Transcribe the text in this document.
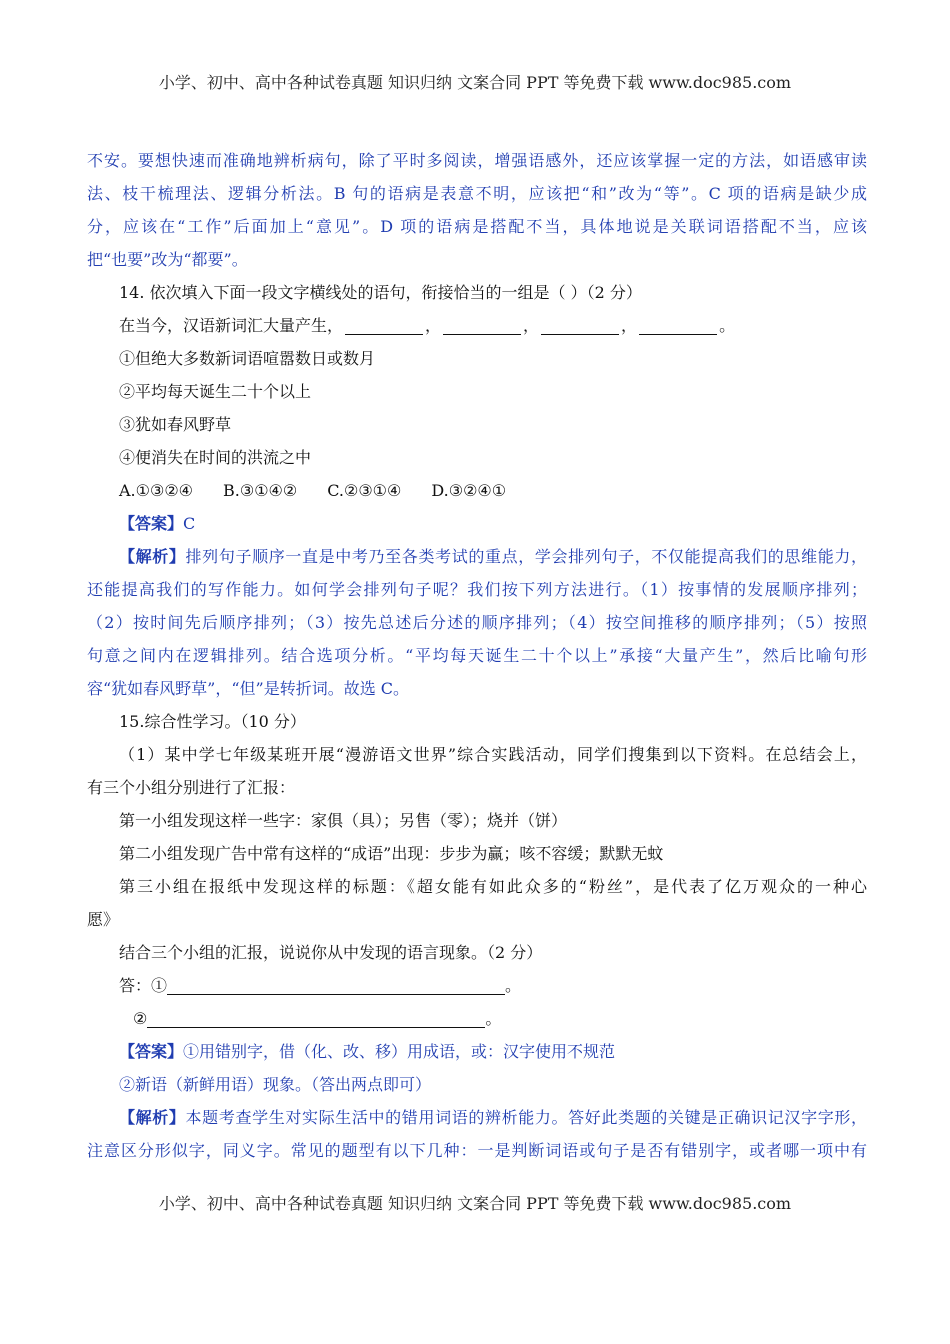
小学、初中、高中各种试卷真题 知识归纳 文案合同 PPT 等免费下载 www.doc985.com
不安。要想快速而准确地辨析病句，除了平时多阅读，增强语感外，还应该掌握一定的方法，如语感审读
法、枝干梳理法、逻辑分析法。B 句的语病是表意不明，应该把“和”改为“等”。C 项的语病是缺少成
分，应该在“工作”后面加上“意见”。D 项的语病是搭配不当，具体地说是关联词语搭配不当，应该
把“也要”改为“都要”。
14. 依次填入下面一段文字横线处的语句，衔接恰当的一组是（ ）（2 分）
在当今，汉语新词汇大量产生，	，	，	，	。
①但绝大多数新词语喧嚣数日或数月
②平均每天诞生二十个以上
③犹如春风野草
④便消失在时间的洪流之中
A.①③②④ B.③①④② C.②③①④ D.③②④①
【答案】C
【解析】排列句子顺序一直是中考乃至各类考试的重点，学会排列句子，不仅能提高我们的思维能力，
还能提高我们的写作能力。如何学会排列句子呢？我们按下列方法进行。（1）按事情的发展顺序排列；
（2）按时间先后顺序排列；（3）按先总述后分述的顺序排列；（4）按空间推移的顺序排列；（5）按照
句意之间内在逻辑排列。结合选项分析。“平均每天诞生二十个以上”承接“大量产生”，然后比喻句形
容“犹如春风野草”，“但”是转折词。故选 C。
15.综合性学习。（10 分）
（1）某中学七年级某班开展“漫游语文世界”综合实践活动，同学们搜集到以下资料。在总结会上，
有三个小组分别进行了汇报：
第一小组发现这样一些字：家俱（具）；另售（零）；烧并（饼）
第二小组发现广告中常有这样的“成语”出现：步步为赢；咳不容缓；默默无蚊
第三小组在报纸中发现这样的标题：《超女能有如此众多的“粉丝”，是代表了亿万观众的一种心
愿》
结合三个小组的汇报，说说你从中发现的语言现象。（2 分）
答：①	。
②	。
【答案】①用错别字，借（化、改、移）用成语，或：汉字使用不规范
②新语（新鲜用语）现象。（答出两点即可）
【解析】本题考查学生对实际生活中的错用词语的辨析能力。答好此类题的关键是正确识记汉字字形，
注意区分形似字，同义字。常见的题型有以下几种：一是判断词语或句子是否有错别字，或者哪一项中有
小学、初中、高中各种试卷真题 知识归纳 文案合同 PPT 等免费下载 www.doc985.com
